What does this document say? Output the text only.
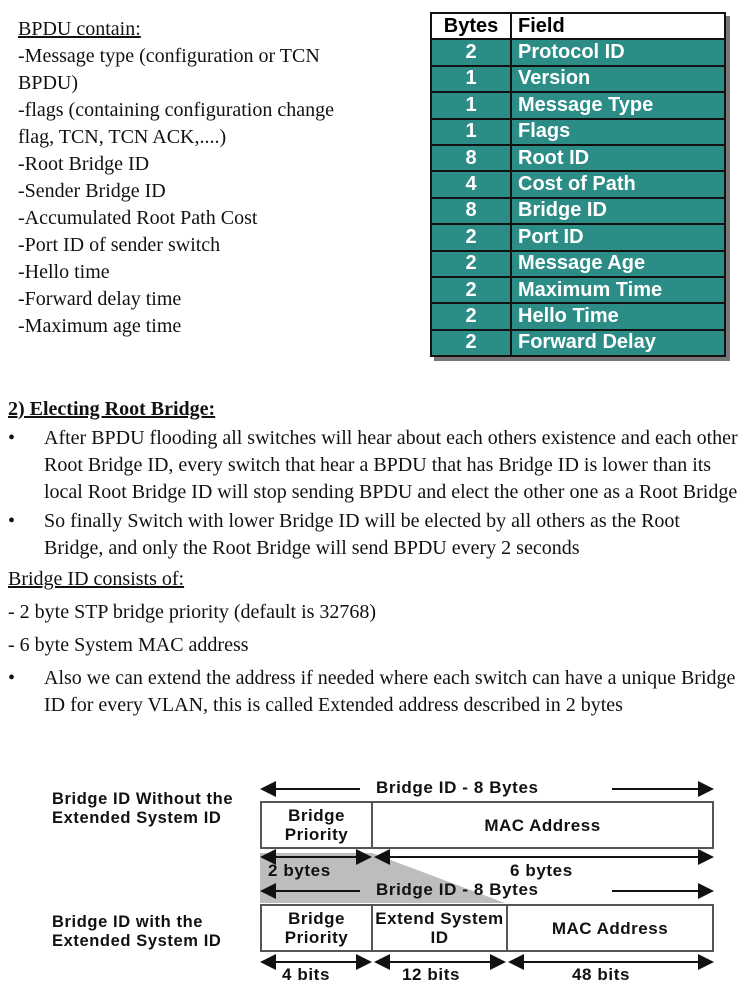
BPDU contain:
-Message type (configuration or TCN
BPDU)
-flags (containing configuration change
flag, TCN, TCN ACK,....)
-Root Bridge ID
-Sender Bridge ID
-Accumulated Root Path Cost
-Port ID of sender switch
-Hello time
-Forward delay time
-Maximum age time
Bytes	Field
2	Protocol ID
1	Version
1	Message Type
1	Flags
8	Root ID
4	Cost of Path
8	Bridge ID
2	Port ID
2	Message Age
2	Maximum Time
2	Hello Time
2	Forward Delay
2) Electing Root Bridge:
• After BPDU flooding all switches will hear about each others existence and each other Root Bridge ID, every switch that hear a BPDU that has Bridge ID is lower than its local Root Bridge ID will stop sending BPDU and elect the other one as a Root Bridge
• So finally Switch with lower Bridge ID will be elected by all others as the Root Bridge, and only the Root Bridge will send BPDU every 2 seconds
Bridge ID consists of:
- 2 byte STP bridge priority (default is 32768)
- 6 byte System MAC address
• Also we can extend the address if needed where each switch can have a unique Bridge ID for every VLAN, this is called Extended address described in 2 bytes
Bridge ID Without the Extended System ID
Bridge ID with the Extended System ID
Bridge ID - 8 Bytes
Bridge Priority	MAC Address
2 bytes	6 bytes
Bridge ID - 8 Bytes
Bridge Priority
Extend System ID	MAC Address
4 bits	12 bits	48 bits
